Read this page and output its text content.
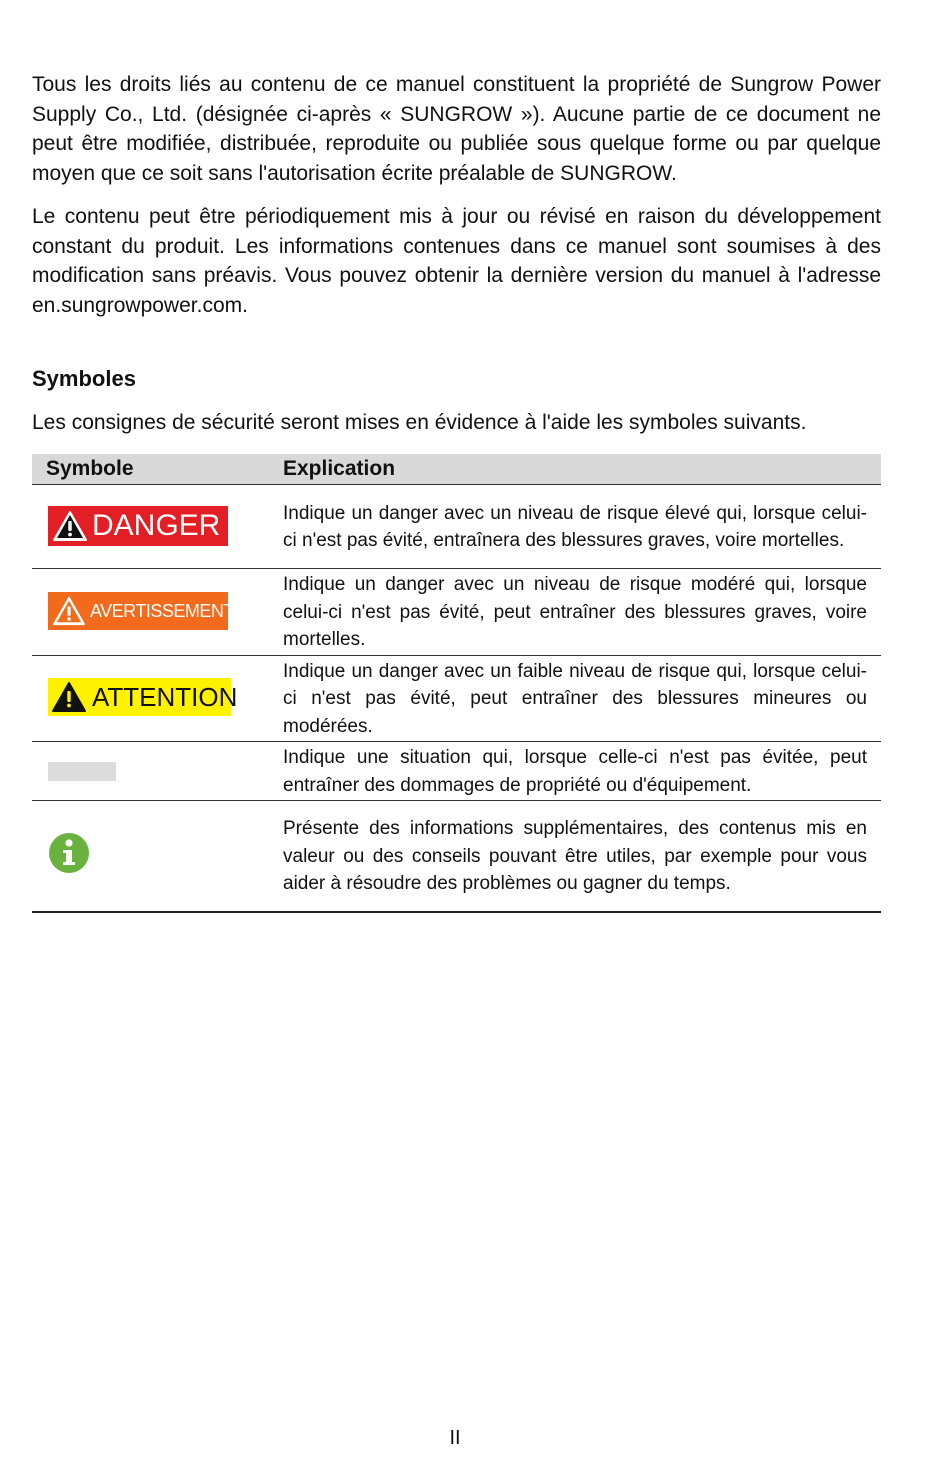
Tous les droits liés au contenu de ce manuel constituent la propriété de Sungrow Power Supply Co., Ltd. (désignée ci-après « SUNGROW »). Aucune partie de ce document ne peut être modifiée, distribuée, reproduite ou publiée sous quelque forme ou par quelque moyen que ce soit sans l'autorisation écrite préalable de SUNGROW.

Le contenu peut être périodiquement mis à jour ou révisé en raison du développement constant du produit. Les informations contenues dans ce manuel sont soumises à des modification sans préavis. Vous pouvez obtenir la dernière version du manuel à l'adresse en.sungrowpower.com.

Symboles

Les consignes de sécurité seront mises en évidence à l'aide les symboles suivants.

Symbole	Explication

DANGER	Indique un danger avec un niveau de risque élevé qui, lorsque celui-ci n'est pas évité, entraînera des blessures graves, voire mortelles.

AVERTISSEMENT	Indique un danger avec un niveau de risque modéré qui, lorsque celui-ci n'est pas évité, peut entraîner des blessures graves, voire mortelles.

ATTENTION	Indique un danger avec un faible niveau de risque qui, lorsque celui-ci n'est pas évité, peut entraîner des blessures mineures ou modérées.

	Indique une situation qui, lorsque celle-ci n'est pas évitée, peut entraîner des dommages de propriété ou d'équipement.
	Présente des informations supplémentaires, des contenus mis en valeur ou des conseils pouvant être utiles, par exemple pour vous aider à résoudre des problèmes ou gagner du temps.
II
